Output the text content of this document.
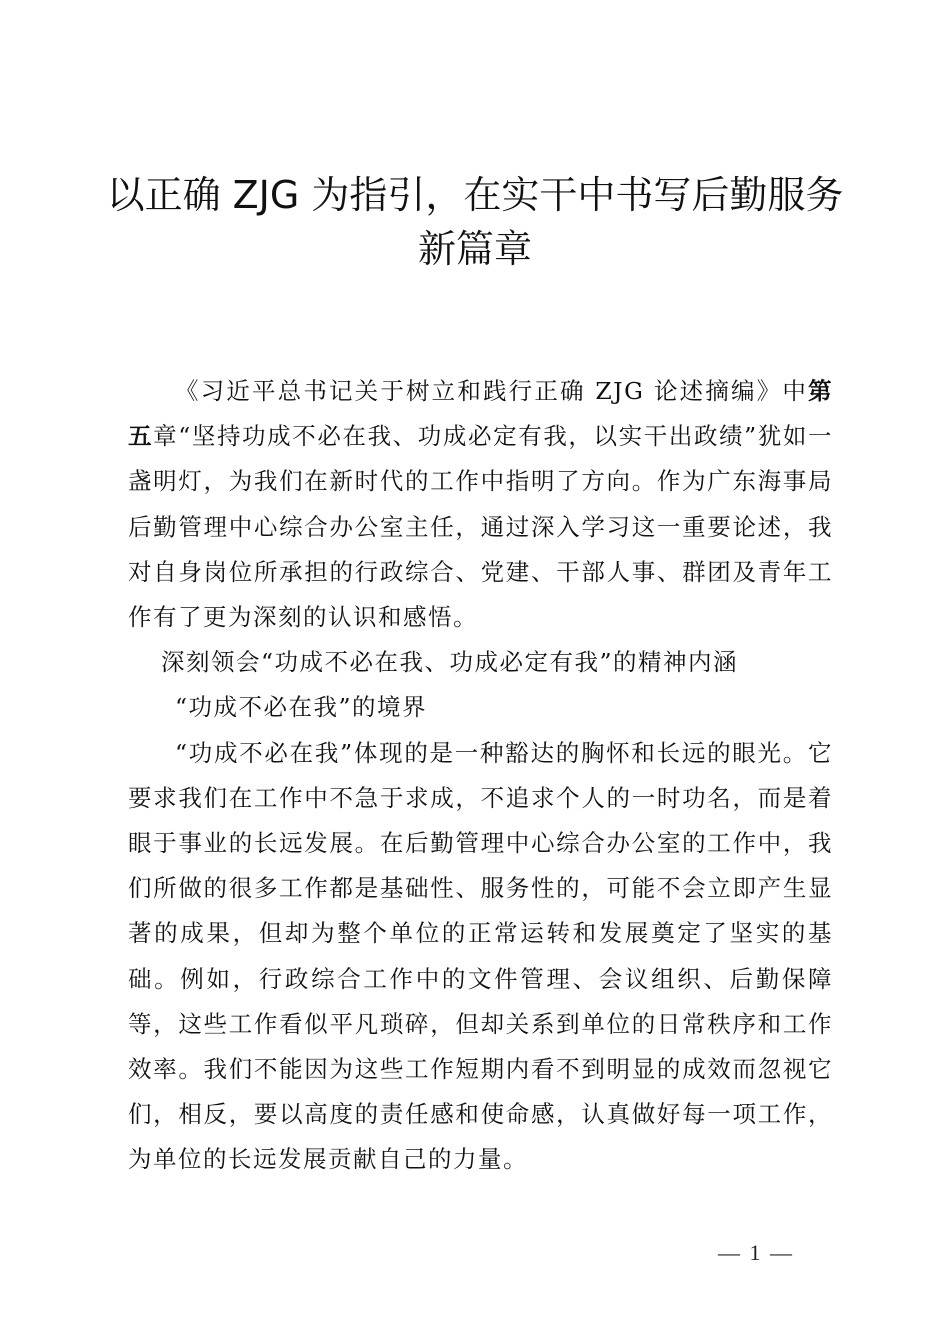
以正确 ZJG 为指引，在实干中书写后勤服务
新篇章

《习近平总书记关于树立和践行正确 ZJG 论述摘编》中第五章“坚持功成不必在我、功成必定有我，以实干出政绩”犹如一盏明灯，为我们在新时代的工作中指明了方向。作为广东海事局后勤管理中心综合办公室主任，通过深入学习这一重要论述，我对自身岗位所承担的行政综合、党建、干部人事、群团及青年工作有了更为深刻的认识和感悟。

深刻领会“功成不必在我、功成必定有我”的精神内涵

“功成不必在我”的境界

“功成不必在我”体现的是一种豁达的胸怀和长远的眼光。它要求我们在工作中不急于求成，不追求个人的一时功名，而是着眼于事业的长远发展。在后勤管理中心综合办公室的工作中，我们所做的很多工作都是基础性、服务性的，可能不会立即产生显著的成果，但却为整个单位的正常运转和发展奠定了坚实的基础。例如，行政综合工作中的文件管理、会议组织、后勤保障等，这些工作看似平凡琐碎，但却关系到单位的日常秩序和工作效率。我们不能因为这些工作短期内看不到明显的成效而忽视它们，相反，要以高度的责任感和使命感，认真做好每一项工作，为单位的长远发展贡献自己的力量。

— 1 —
